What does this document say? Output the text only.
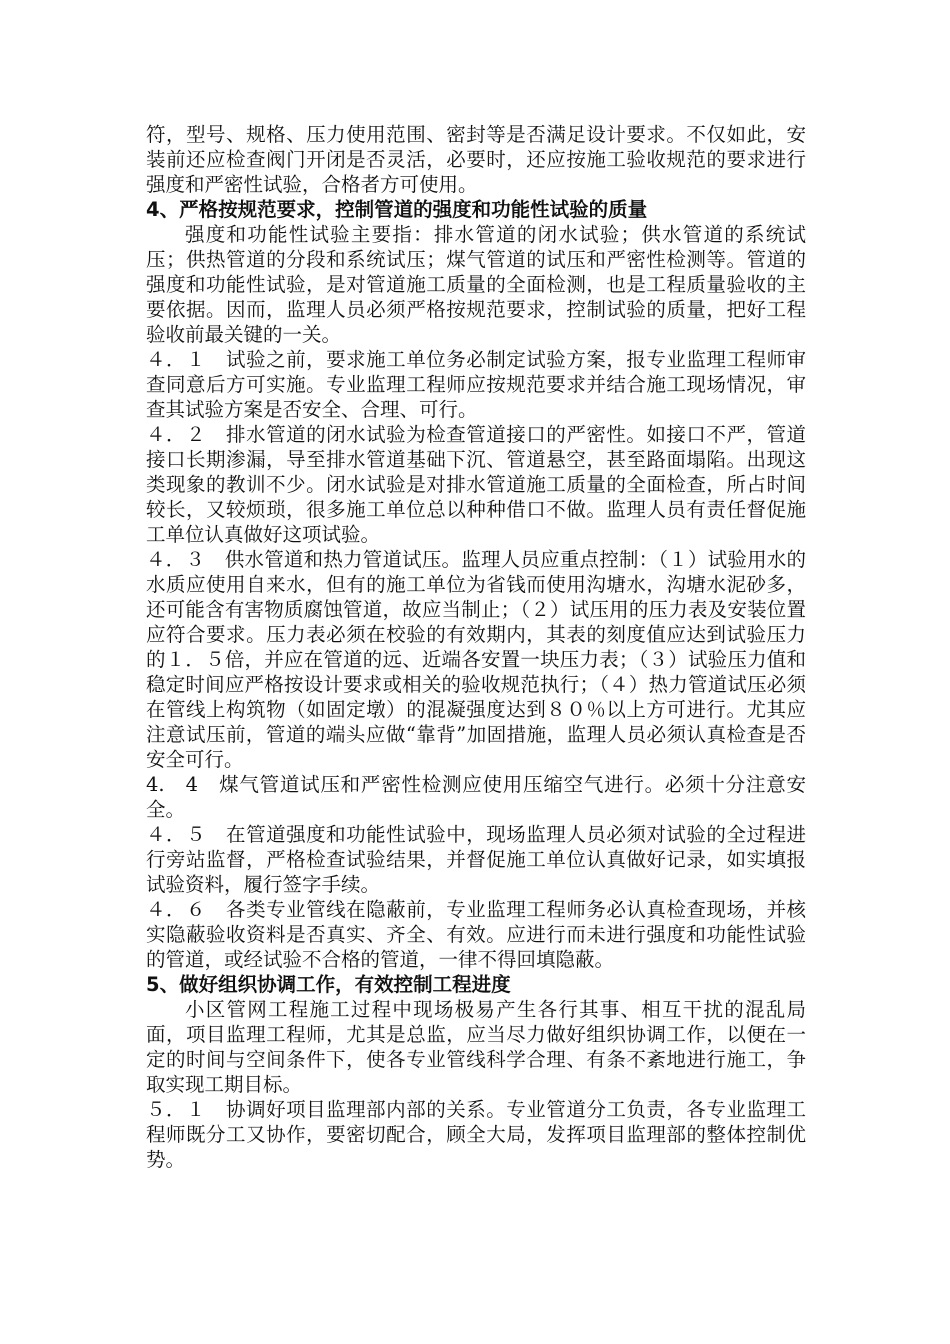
符，型号、规格、压力使用范围、密封等是否满足设计要求。不仅如此，安装前还应检查阀门开闭是否灵活，必要时，还应按施工验收规范的要求进行强度和严密性试验，合格者方可使用。

4、严格按规范要求，控制管道的强度和功能性试验的质量

强度和功能性试验主要指：排水管道的闭水试验；供水管道的系统试压；供热管道的分段和系统试压；煤气管道的试压和严密性检测等。管道的强度和功能性试验，是对管道施工质量的全面检测，也是工程质量验收的主要依据。因而，监理人员必须严格按规范要求，控制试验的质量，把好工程验收前最关键的一关。

４．１　试验之前，要求施工单位务必制定试验方案，报专业监理工程师审查同意后方可实施。专业监理工程师应按规范要求并结合施工现场情况，审查其试验方案是否安全、合理、可行。

４．２　排水管道的闭水试验为检查管道接口的严密性。如接口不严，管道接口长期渗漏，导至排水管道基础下沉、管道悬空，甚至路面塌陷。出现这类现象的教训不少。闭水试验是对排水管道施工质量的全面检查，所占时间较长，又较烦琐，很多施工单位总以种种借口不做。监理人员有责任督促施工单位认真做好这项试验。

４．３　供水管道和热力管道试压。监理人员应重点控制：（１）试验用水的水质应使用自来水，但有的施工单位为省钱而使用沟塘水，沟塘水泥砂多，还可能含有害物质腐蚀管道，故应当制止；（２）试压用的压力表及安装位置应符合要求。压力表必须在校验的有效期内，其表的刻度值应达到试验压力的１．５倍，并应在管道的远、近端各安置一块压力表；（３）试验压力值和稳定时间应严格按设计要求或相关的验收规范执行；（４）热力管道试压必须在管线上构筑物（如固定墩）的混凝强度达到８０％以上方可进行。尤其应注意试压前，管道的端头应做“靠背”加固措施，监理人员必须认真检查是否安全可行。

4.　4　煤气管道试压和严密性检测应使用压缩空气进行。必须十分注意安全。

４．５　在管道强度和功能性试验中，现场监理人员必须对试验的全过程进行旁站监督，严格检查试验结果，并督促施工单位认真做好记录，如实填报试验资料，履行签字手续。

４．６　各类专业管线在隐蔽前，专业监理工程师务必认真检查现场，并核实隐蔽验收资料是否真实、齐全、有效。应进行而未进行强度和功能性试验的管道，或经试验不合格的管道，一律不得回填隐蔽。

5、做好组织协调工作，有效控制工程进度

小区管网工程施工过程中现场极易产生各行其事、相互干扰的混乱局面，项目监理工程师，尤其是总监，应当尽力做好组织协调工作，以便在一定的时间与空间条件下，使各专业管线科学合理、有条不紊地进行施工，争取实现工期目标。

５．１　协调好项目监理部内部的关系。专业管道分工负责，各专业监理工程师既分工又协作，要密切配合，顾全大局，发挥项目监理部的整体控制优势。
